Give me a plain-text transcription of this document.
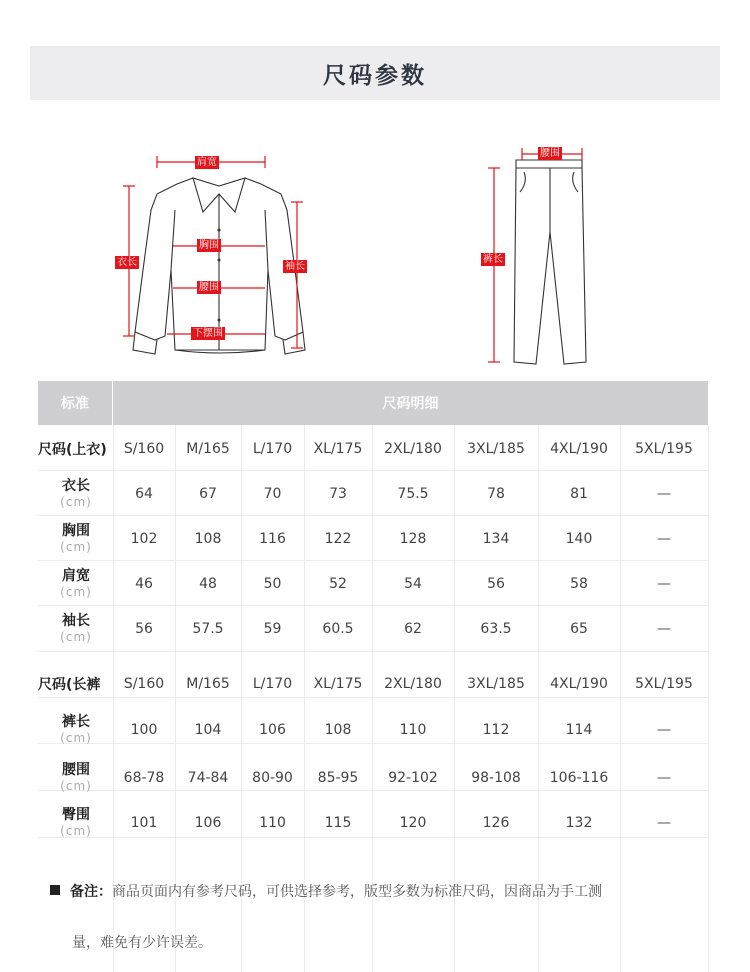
尺码参数
肩宽
衣长
胸围
袖长
腰围
下摆围
腰围
裤长
标准	尺码明细
尺码(上衣)	S/160	M/165	L/170	XL/175	2XL/180	3XL/185	4XL/190	5XL/195
衣长
(cm)	64	67	70	73	75.5	78	81	—
胸围
(cm)	102	108	116	122	128	134	140	—
肩宽
(cm)	46	48	50	52	54	56	58	—
袖长
(cm)	56	57.5	59	60.5	62	63.5	65	—
尺码(长裤	S/160	M/165	L/170	XL/175	2XL/180	3XL/185	4XL/190	5XL/195
裤长
(cm)	100	104	106	108	110	112	114	—
腰围
(cm)	68-78	74-84	80-90	85-95	92-102	98-108	106-116	—
臀围
(cm)	101	106	110	115	120	126	132	—
备注：商品页面内有参考尺码，可供选择参考，版型多数为标准尺码，因商品为手工测
量，难免有少许误差。
